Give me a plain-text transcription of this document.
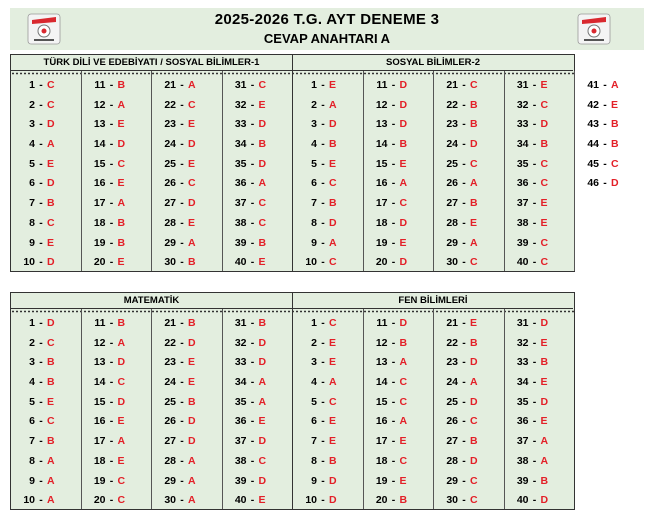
2025-2026 T.G. AYT DENEME 3
CEVAP ANAHTARI A
TÜRK DİLİ VE EDEBİYATI / SOSYAL BİLİMLER-1	SOSYAL BİLİMLER-2
1 - C
2 - C
3 - D
4 - A
5 - E
6 - D
7 - B
8 - C
9 - E
10 - D
11 - B
12 - A
13 - E
14 - D
15 - C
16 - E
17 - A
18 - B
19 - B
20 - E
21 - A
22 - C
23 - E
24 - D
25 - E
26 - C
27 - D
28 - E
29 - A
30 - B
31 - C
32 - E
33 - D
34 - B
35 - D
36 - A
37 - C
38 - C
39 - B
40 - E
1 - E
2 - A
3 - D
4 - B
5 - E
6 - C
7 - B
8 - D
9 - A
10 - C
11 - D
12 - D
13 - D
14 - B
15 - E
16 - A
17 - C
18 - D
19 - E
20 - D
21 - C
22 - B
23 - B
24 - D
25 - C
26 - A
27 - B
28 - E
29 - A
30 - C
31 - E
32 - C
33 - D
34 - B
35 - C
36 - C
37 - E
38 - E
39 - C
40 - C
41 - A
42 - E
43 - B
44 - B
45 - C
46 - D
MATEMATİK	FEN BİLİMLERİ
1 - D
2 - C
3 - B
4 - B
5 - E
6 - C
7 - B
8 - A
9 - A
10 - A
11 - B
12 - A
13 - D
14 - C
15 - D
16 - E
17 - A
18 - E
19 - C
20 - C
21 - B
22 - D
23 - E
24 - E
25 - B
26 - D
27 - D
28 - A
29 - A
30 - A
31 - B
32 - D
33 - D
34 - A
35 - A
36 - E
37 - D
38 - C
39 - D
40 - E
1 - C
2 - E
3 - E
4 - A
5 - C
6 - E
7 - E
8 - B
9 - D
10 - D
11 - D
12 - B
13 - A
14 - C
15 - C
16 - A
17 - E
18 - C
19 - E
20 - B
21 - E
22 - B
23 - D
24 - A
25 - D
26 - C
27 - B
28 - D
29 - C
30 - C
31 - D
32 - E
33 - B
34 - E
35 - D
36 - E
37 - A
38 - A
39 - B
40 - D
